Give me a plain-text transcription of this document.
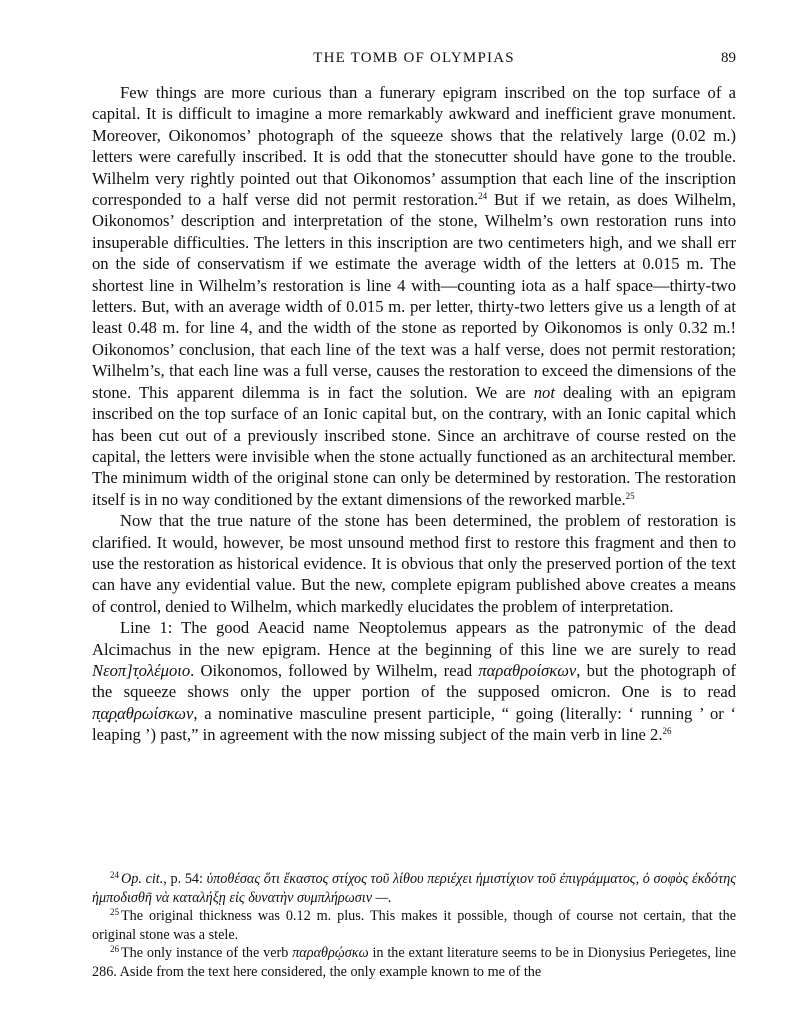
THE TOMB OF OLYMPIAS	89

Few things are more curious than a funerary epigram inscribed on the top surface of a capital. It is difficult to imagine a more remarkably awkward and inefficient grave monument. Moreover, Oikonomos’ photograph of the squeeze shows that the relatively large (0.02 m.) letters were carefully inscribed. It is odd that the stonecutter should have gone to the trouble. Wilhelm very rightly pointed out that Oikonomos’ assumption that each line of the inscription corresponded to a half verse did not permit restoration.$^{24}$ But if we retain, as does Wilhelm, Oikonomos’ description and interpretation of the stone, Wilhelm’s own restoration runs into insuperable difficulties. The letters in this inscription are two centimeters high, and we shall err on the side of conservatism if we estimate the average width of the letters at 0.015 m. The shortest line in Wilhelm’s restoration is line 4 with—counting iota as a half space—thirty-two letters. But, with an average width of 0.015 m. per letter, thirty-two letters give us a length of at least 0.48 m. for line 4, and the width of the stone as reported by Oikonomos is only 0.32 m.! Oikonomos’ conclusion, that each line of the text was a half verse, does not permit restoration; Wilhelm’s, that each line was a full verse, causes the restoration to exceed the dimensions of the stone. This apparent dilemma is in fact the solution. We are not dealing with an epigram inscribed on the top surface of an Ionic capital but, on the contrary, with an Ionic capital which has been cut out of a previously inscribed stone. Since an architrave of course rested on the capital, the letters were invisible when the stone actually functioned as an architectural member. The minimum width of the original stone can only be determined by restoration. The restoration itself is in no way conditioned by the extant dimensions of the reworked marble.$^{25}$

Now that the true nature of the stone has been determined, the problem of restoration is clarified. It would, however, be most unsound method first to restore this fragment and then to use the restoration as historical evidence. It is obvious that only the preserved portion of the text can have any evidential value. But the new, complete epigram published above creates a means of control, denied to Wilhelm, which markedly elucidates the problem of interpretation.

Line 1: The good Aeacid name Neoptolemus appears as the patronymic of the dead Alcimachus in the new epigram. Hence at the beginning of this line we are surely to read Νεοπ]τ̣ολέμοιο. Oikonomos, followed by Wilhelm, read παραθροίσκων, but the photograph of the squeeze shows only the upper portion of the supposed omicron. One is to read π̣α̣ρ̣αθρωίσκων, a nominative masculine present participle, “ going (literally: ‘ running ’ or ‘ leaping ’) past,” in agreement with the now missing subject of the main verb in line 2.26

$^{24}$ Op. cit., p. 54: ὑποθέσας ὅτι ἕκαστος στίχος τοῦ λίθου περιέχει ἡμιστίχιον τοῦ ἐπιγράμματος, ὁ σοφὸς ἐκδότης ἠμποδισθῆ νὰ καταλήξῃ εἰς δυνατὴν συμπλήρωσιν —.

$^{25}$ The original thickness was 0.12 m. plus. This makes it possible, though of course not certain, that the original stone was a stele.

$^{26}$ The only instance of the verb παραθρῴσκω in the extant literature seems to be in Dionysius Periegetes, line 286. Aside from the text here considered, the only example known to me of the
